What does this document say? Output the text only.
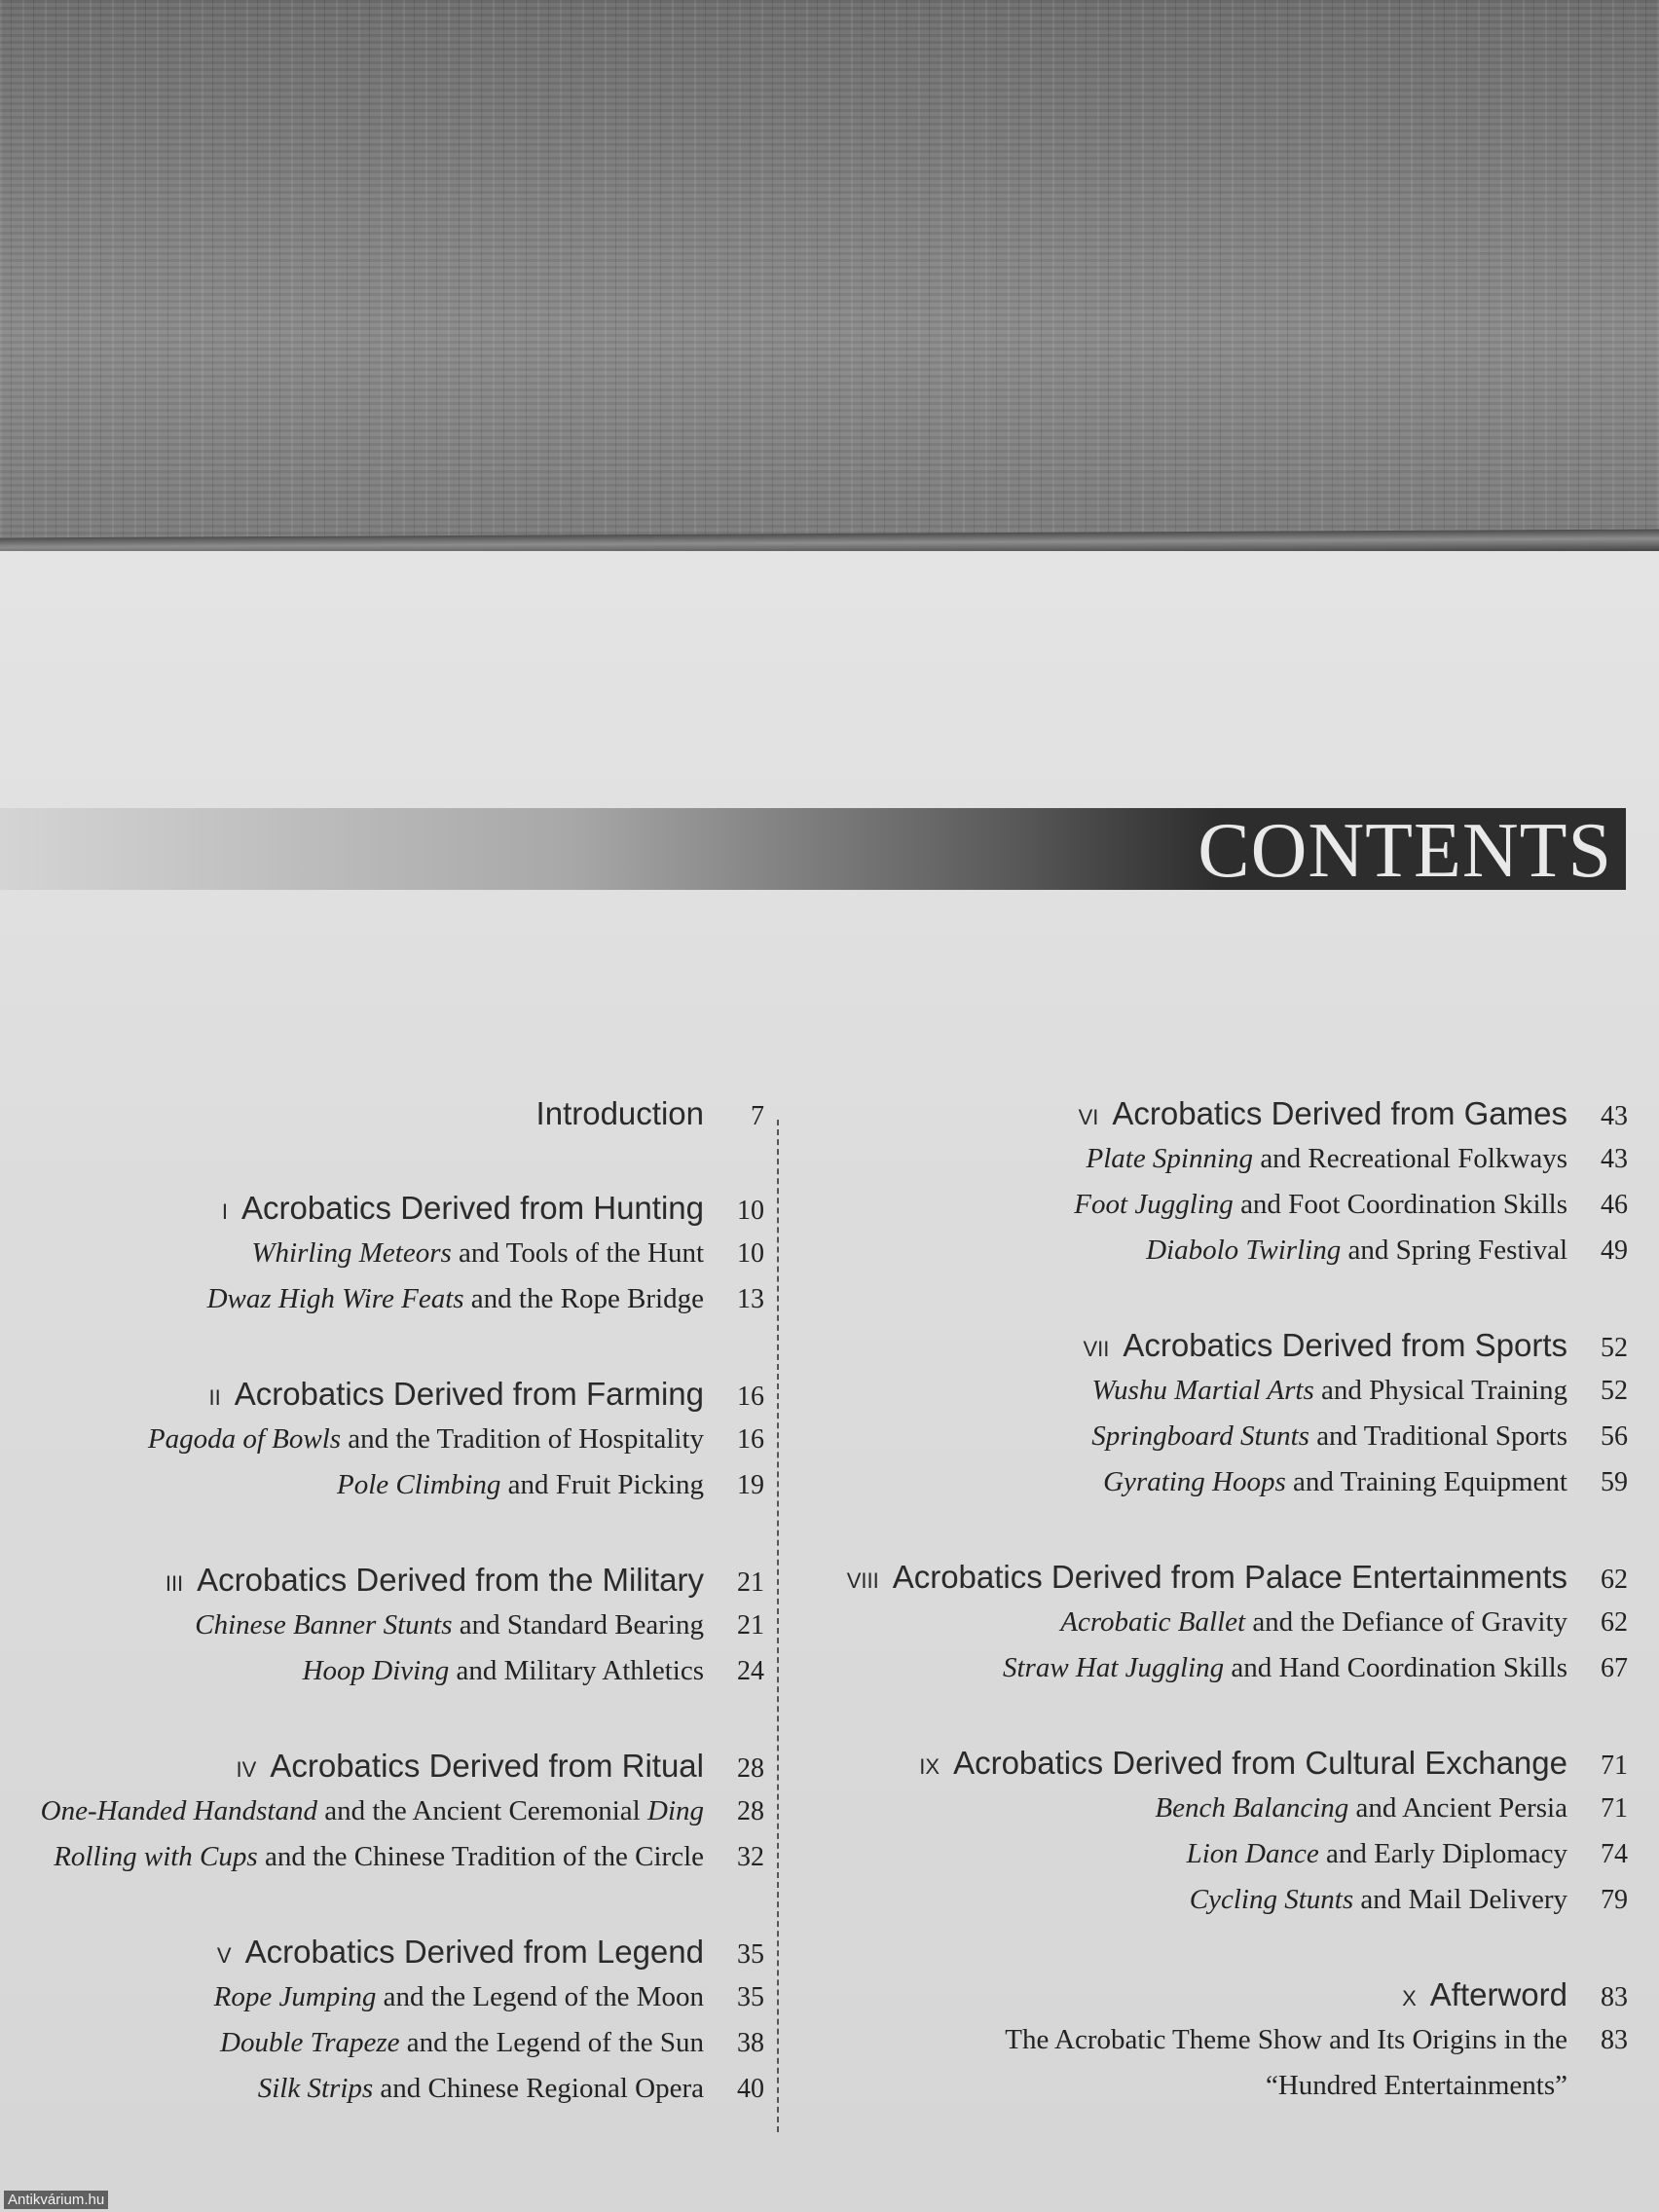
CONTENTS
Introduction	7
I Acrobatics Derived from Hunting	10
Whirling Meteors and Tools of the Hunt	10
Dwaz High Wire Feats and the Rope Bridge	13
II Acrobatics Derived from Farming	16
Pagoda of Bowls and the Tradition of Hospitality	16
Pole Climbing and Fruit Picking	19
III Acrobatics Derived from the Military	21
Chinese Banner Stunts and Standard Bearing	21
Hoop Diving and Military Athletics	24
IV Acrobatics Derived from Ritual	28
One-Handed Handstand and the Ancient Ceremonial Ding	28
Rolling with Cups and the Chinese Tradition of the Circle	32
V Acrobatics Derived from Legend	35
Rope Jumping and the Legend of the Moon	35
Double Trapeze and the Legend of the Sun	38
Silk Strips and Chinese Regional Opera	40
VI Acrobatics Derived from Games	43
Plate Spinning and Recreational Folkways	43
Foot Juggling and Foot Coordination Skills	46
Diabolo Twirling and Spring Festival	49
VII Acrobatics Derived from Sports	52
Wushu Martial Arts and Physical Training	52
Springboard Stunts and Traditional Sports	56
Gyrating Hoops and Training Equipment	59
VIII Acrobatics Derived from Palace Entertainments	62
Acrobatic Ballet and the Defiance of Gravity	62
Straw Hat Juggling and Hand Coordination Skills	67
IX Acrobatics Derived from Cultural Exchange	71
Bench Balancing and Ancient Persia	71
Lion Dance and Early Diplomacy	74
Cycling Stunts and Mail Delivery	79
X Afterword	83
The Acrobatic Theme Show and Its Origins in the	83
“Hundred Entertainments”
Antikvárium.hu
